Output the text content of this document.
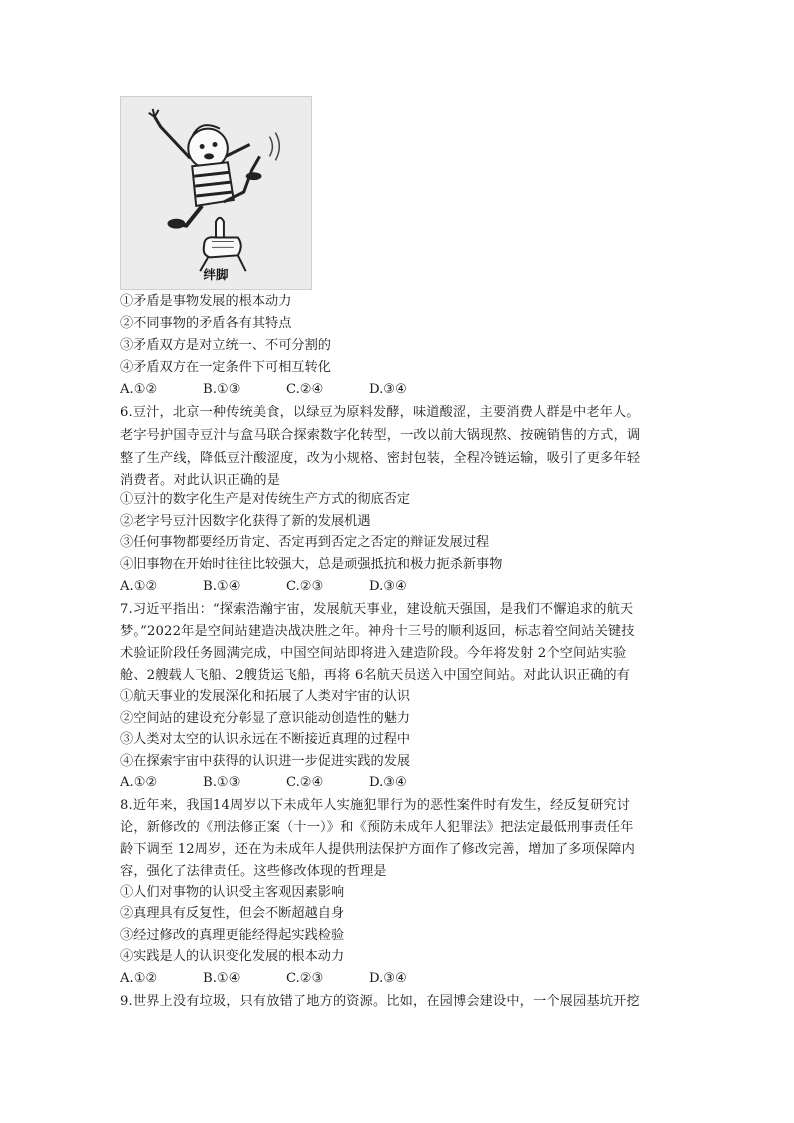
绊脚
①矛盾是事物发展的根本动力
②不同事物的矛盾各有其特点
③矛盾双方是对立统一、不可分割的
④矛盾双方在一定条件下可相互转化
A.①②	B.①③	C.②④	D.③④
6.豆汁，北京一种传统美食，以绿豆为原料发酵，味道酸涩，主要消费人群是中老年人。
老字号护国寺豆汁与盒马联合探索数字化转型，一改以前大锅现熬、按碗销售的方式，调
整了生产线，降低豆汁酸涩度，改为小规格、密封包装，全程冷链运输，吸引了更多年轻
消费者。对此认识正确的是
①豆汁的数字化生产是对传统生产方式的彻底否定
②老字号豆汁因数字化获得了新的发展机遇
③任何事物都要经历肯定、否定再到否定之否定的辩证发展过程
④旧事物在开始时往往比较强大，总是顽强抵抗和极力扼杀新事物
A.①②	B.①④	C.②③	D.③④
7.习近平指出：“探索浩瀚宇宙，发展航天事业，建设航天强国，是我们不懈追求的航天
梦。”2022年是空间站建造决战决胜之年。神舟十三号的顺利返回，标志着空间站关键技
术验证阶段任务圆满完成，中国空间站即将进入建造阶段。今年将发射 2个空间站实验
舱、2艘载人飞船、2艘货运飞船，再将 6名航天员送入中国空间站。对此认识正确的有
①航天事业的发展深化和拓展了人类对宇宙的认识
②空间站的建设充分彰显了意识能动创造性的魅力
③人类对太空的认识永远在不断接近真理的过程中
④在探索宇宙中获得的认识进一步促进实践的发展
A.①②	B.①③	C.②④	D.③④
8.近年来，我国14周岁以下未成年人实施犯罪行为的恶性案件时有发生，经反复研究讨
论，新修改的《刑法修正案（十一）》和《预防未成年人犯罪法》把法定最低刑事责任年
龄下调至 12周岁，还在为未成年人提供刑法保护方面作了修改完善，增加了多项保障内
容，强化了法律责任。这些修改体现的哲理是
①人们对事物的认识受主客观因素影响
②真理具有反复性，但会不断超越自身
③经过修改的真理更能经得起实践检验
④实践是人的认识变化发展的根本动力
A.①②	B.①④	C.②③	D.③④
9.世界上没有垃圾，只有放错了地方的资源。比如，在园博会建设中，一个展园基坑开挖
